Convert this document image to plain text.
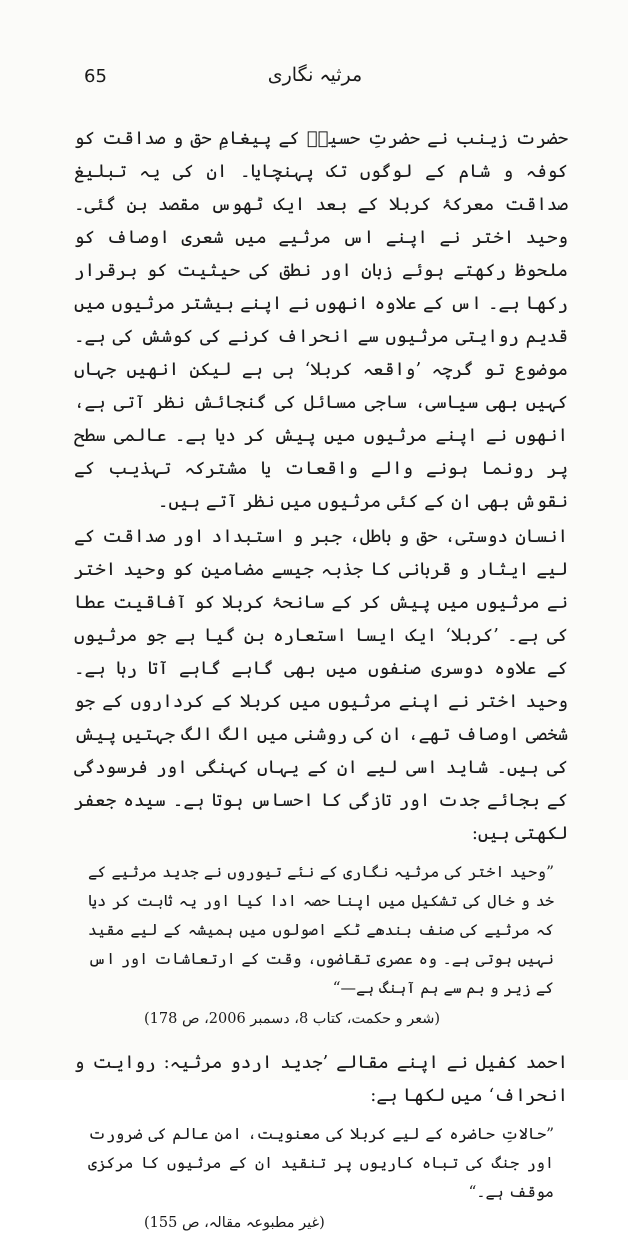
65	مرثیہ نگاری

حضرت زینب نے حضرتِ حسینؓ کے پیغامِ حق و صداقت کو کوفہ و شام کے لوگوں تک پہنچایا۔ ان کی یہ تبلیغ صداقت معرکۂ کربلا کے بعد ایک ٹھوس مقصد بن گئی۔ وحید اختر نے اپنے اس مرثیے میں شعری اوصاف کو ملحوظ رکھتے ہوئے زبان اور نطق کی حیثیت کو برقرار رکھا ہے۔ اس کے علاوہ انھوں نے اپنے بیشتر مرثیوں میں قدیم روایتی مرثیوں سے انحراف کرنے کی کوشش کی ہے۔ موضوع تو گرچہ ’واقعہ کربلا‘ ہی ہے لیکن انھیں جہاں کہیں بھی سیاسی، ساجی مسائل کی گنجائش نظر آتی ہے، انھوں نے اپنے مرثیوں میں پیش کر دیا ہے۔ عالمی سطح پر رونما ہونے والے واقعات یا مشترکہ تہذیب کے نقوش بھی ان کے کئی مرثیوں میں نظر آتے ہیں۔

انسان دوستی، حق و باطل، جبر و استبداد اور صداقت کے لیے ایثار و قربانی کا جذبہ جیسے مضامین کو وحید اختر نے مرثیوں میں پیش کر کے سانحۂ کربلا کو آفاقیت عطا کی ہے۔ ’کربلا‘ ایک ایسا استعارہ بن گیا ہے جو مرثیوں کے علاوہ دوسری صنفوں میں بھی گاہے گاہے آتا رہا ہے۔ وحید اختر نے اپنے مرثیوں میں کربلا کے کرداروں کے جو شخصی اوصاف تھے، ان کی روشنی میں الگ الگ جہتیں پیش کی ہیں۔ شاید اسی لیے ان کے یہاں کہنگی اور فرسودگی کے بجائے جدت اور تازگی کا احساس ہوتا ہے۔ سیدہ جعفر لکھتی ہیں:

”وحید اختر کی مرثیہ نگاری کے نئے تیوروں نے جدید مرثیے کے خد و خال کی تشکیل میں اپنا حصہ ادا کیا اور یہ ثابت کر دیا کہ مرثیے کی صنف بندھے ٹکے اصولوں میں ہمیشہ کے لیے مقید نہیں ہوتی ہے۔ وہ عصری تقاضوں، وقت کے ارتعاشات اور اس کے زیر و بم سے ہم آہنگ ہے—“

(شعر و حکمت، کتاب 8، دسمبر 2006، ص 178)

احمد کفیل نے اپنے مقالے ’جدید اردو مرثیہ: روایت و انحراف‘ میں لکھا ہے:

”حالاتِ حاضرہ کے لیے کربلا کی معنویت، امن عالم کی ضرورت اور جنگ کی تباہ کاریوں پر تنقید ان کے مرثیوں کا مرکزی موقف ہے۔“

(غیر مطبوعہ مقالہ، ص 155)
